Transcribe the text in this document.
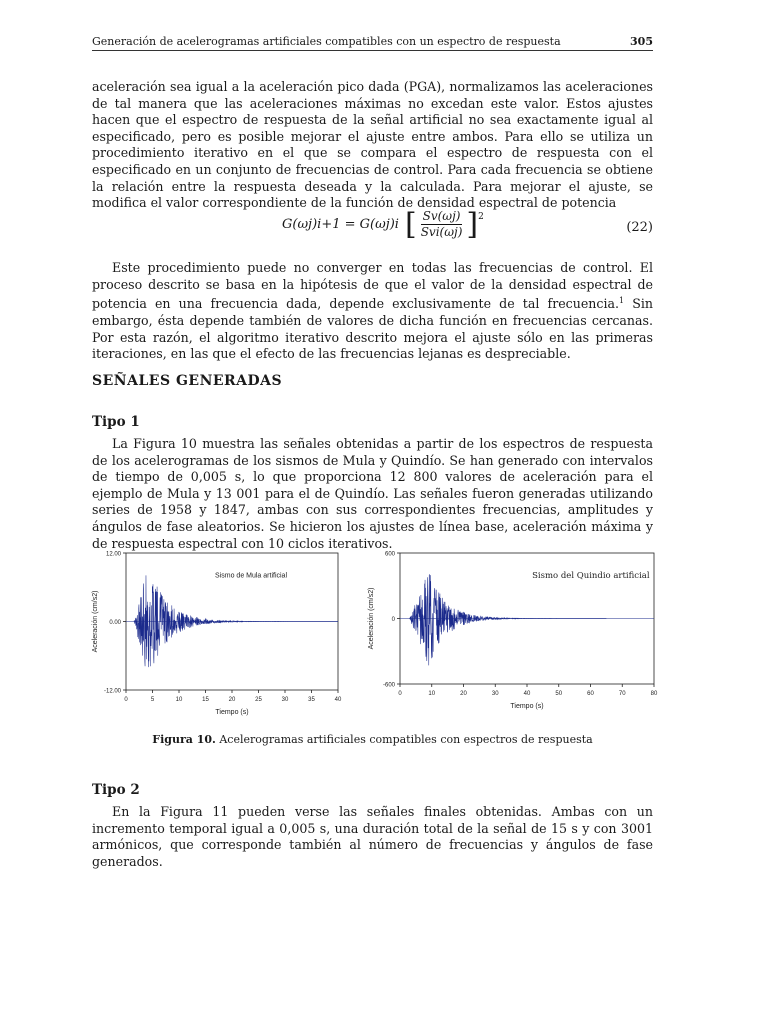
Generación de acelerogramas artificiales compatibles con un espectro de respuesta	305

aceleración sea igual a la aceleración pico dada (PGA), normalizamos las aceleraciones de tal manera que las aceleraciones máximas no excedan este valor. Estos ajustes hacen que el espectro de respuesta de la señal artificial no sea exactamente igual al especificado, pero es posible mejorar el ajuste entre ambos. Para ello se utiliza un procedimiento iterativo en el que se compara el espectro de respuesta con el especificado en un conjunto de frecuencias de control. Para cada frecuencia se obtiene la relación entre la respuesta deseada y la calculada. Para mejorar el ajuste, se modifica el valor correspondiente de la función de densidad espectral de potencia

G(ωj)i+1 = G(ωj)i [ $\frac{Sv(\omega j)}{\text{Svi(ωj)}}$ ] 2
(22)

Este procedimiento puede no converger en todas las frecuencias de control. El proceso descrito se basa en la hipótesis de que el valor de la densidad espectral de potencia en una frecuencia dada, depende exclusivamente de tal frecuencia.$^1$ Sin embargo, ésta depende también de valores de dicha función en frecuencias cercanas. Por esta razón, el algoritmo iterativo descrito mejora el ajuste sólo en las primeras iteraciones, en las que el efecto de las frecuencias lejanas es despreciable.

SEÑALES GENERADAS
Tipo 1

La Figura 10 muestra las señales obtenidas a partir de los espectros de respuesta de los acelerogramas de los sismos de Mula y Quindío. Se han generado con intervalos de tiempo de 0,005 s, lo que proporciona 12 800 valores de aceleración para el ejemplo de Mula y 13 001 para el de Quindío. Las señales fueron generadas utilizando series de 1958 y 1847, ambas con sus correspondientes frecuencias, amplitudes y ángulos de fase aleatorios. Se hicieron los ajustes de línea base, aceleración máxima y de respuesta espectral con 10 ciclos iterativos.

12.00
0.00
-12.00
0	5	10	15	20	25	30	35	40
Sismo de Mula artificial
Tiempo (s)
Aceleración (cm/s2)
600
0
-600
0	10	20	30	40	50	60	70	80
Sismo del Quindio artificial
Tiempo (s)
Aceleración (cm/s2)
Figura 10. Acelerogramas artificiales compatibles con espectros de respuesta
Tipo 2

En la Figura 11 pueden verse las señales finales obtenidas. Ambas con un incremento temporal igual a 0,005 s, una duración total de la señal de 15 s y con 3001 armónicos, que corresponde también al número de frecuencias y ángulos de fase generados.
